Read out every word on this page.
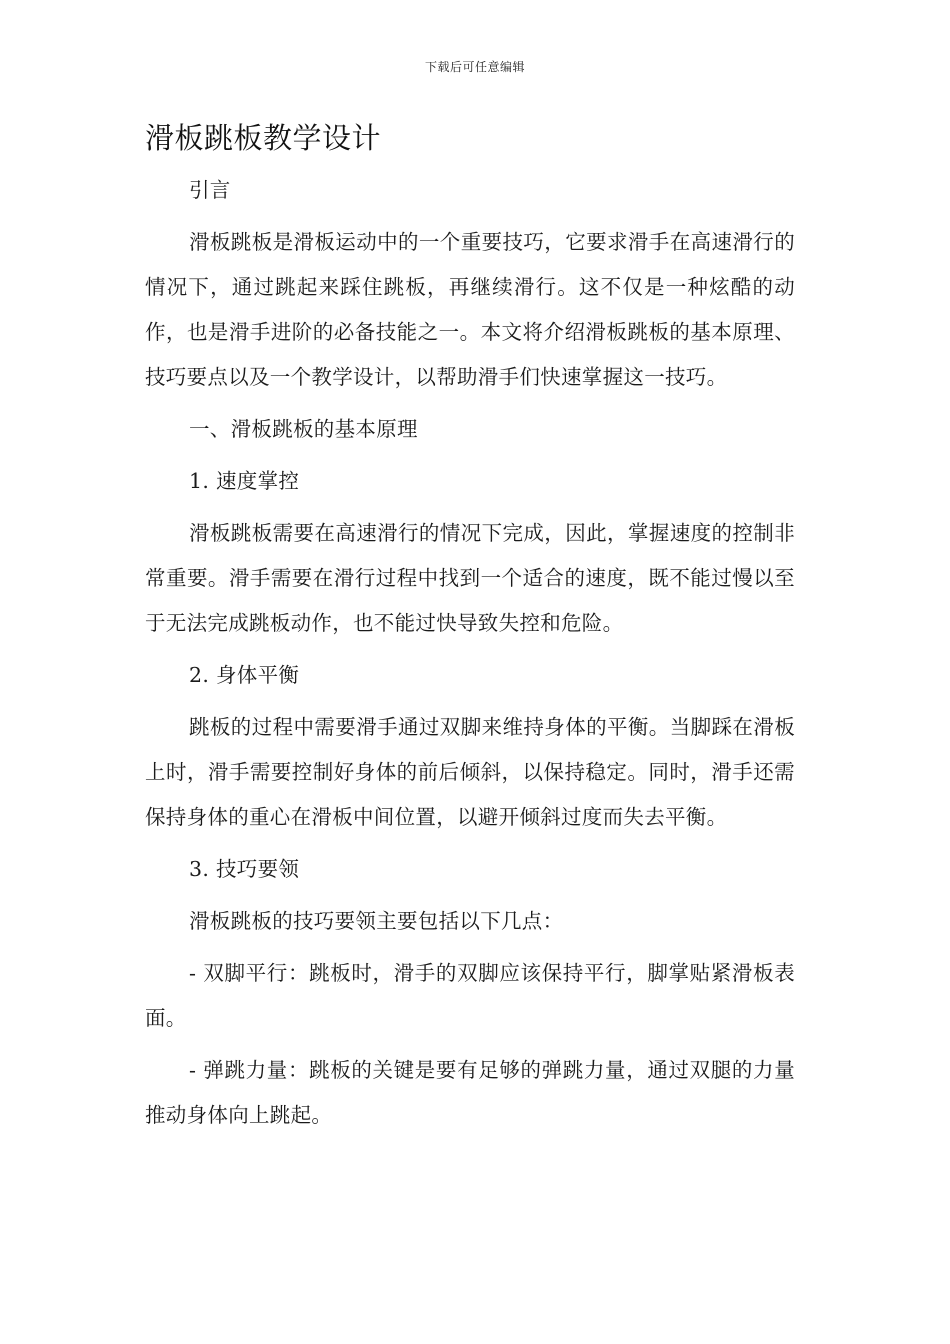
下载后可任意编辑
滑板跳板教学设计

引言

滑板跳板是滑板运动中的一个重要技巧，它要求滑手在高速滑行的情况下，通过跳起来踩住跳板，再继续滑行。这不仅是一种炫酷的动作，也是滑手进阶的必备技能之一。本文将介绍滑板跳板的基本原理、技巧要点以及一个教学设计，以帮助滑手们快速掌握这一技巧。

一、滑板跳板的基本原理

1. 速度掌控

滑板跳板需要在高速滑行的情况下完成，因此，掌握速度的控制非常重要。滑手需要在滑行过程中找到一个适合的速度，既不能过慢以至于无法完成跳板动作，也不能过快导致失控和危险。

2. 身体平衡

跳板的过程中需要滑手通过双脚来维持身体的平衡。当脚踩在滑板上时，滑手需要控制好身体的前后倾斜，以保持稳定。同时，滑手还需保持身体的重心在滑板中间位置，以避开倾斜过度而失去平衡。

3. 技巧要领

滑板跳板的技巧要领主要包括以下几点：

- 双脚平行：跳板时，滑手的双脚应该保持平行，脚掌贴紧滑板表面。

- 弹跳力量：跳板的关键是要有足够的弹跳力量，通过双腿的力量推动身体向上跳起。
